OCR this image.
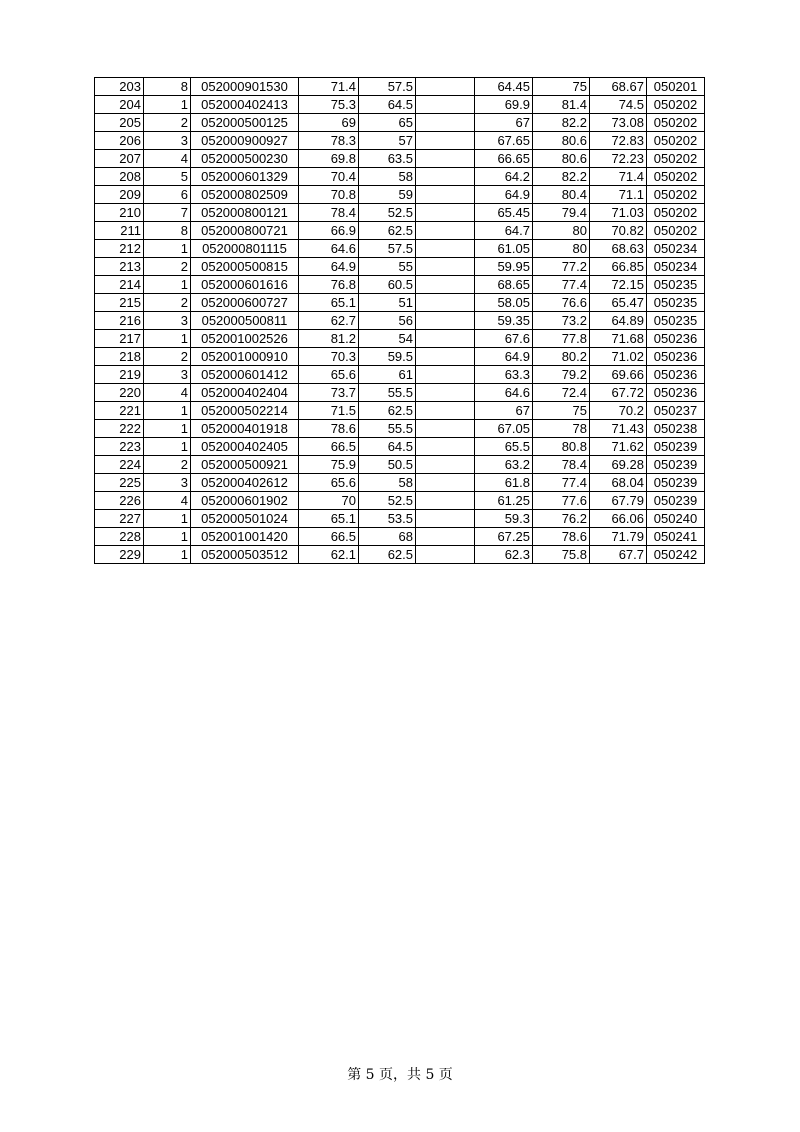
203	8	052000901530	71.4	57.5		64.45	75	68.67	050201
204	1	052000402413	75.3	64.5		69.9	81.4	74.5	050202
205	2	052000500125	69	65		67	82.2	73.08	050202
206	3	052000900927	78.3	57		67.65	80.6	72.83	050202
207	4	052000500230	69.8	63.5		66.65	80.6	72.23	050202
208	5	052000601329	70.4	58		64.2	82.2	71.4	050202
209	6	052000802509	70.8	59		64.9	80.4	71.1	050202
210	7	052000800121	78.4	52.5		65.45	79.4	71.03	050202
211	8	052000800721	66.9	62.5		64.7	80	70.82	050202
212	1	052000801115	64.6	57.5		61.05	80	68.63	050234
213	2	052000500815	64.9	55		59.95	77.2	66.85	050234
214	1	052000601616	76.8	60.5		68.65	77.4	72.15	050235
215	2	052000600727	65.1	51		58.05	76.6	65.47	050235
216	3	052000500811	62.7	56		59.35	73.2	64.89	050235
217	1	052001002526	81.2	54		67.6	77.8	71.68	050236
218	2	052001000910	70.3	59.5		64.9	80.2	71.02	050236
219	3	052000601412	65.6	61		63.3	79.2	69.66	050236
220	4	052000402404	73.7	55.5		64.6	72.4	67.72	050236
221	1	052000502214	71.5	62.5		67	75	70.2	050237
222	1	052000401918	78.6	55.5		67.05	78	71.43	050238
223	1	052000402405	66.5	64.5		65.5	80.8	71.62	050239
224	2	052000500921	75.9	50.5		63.2	78.4	69.28	050239
225	3	052000402612	65.6	58		61.8	77.4	68.04	050239
226	4	052000601902	70	52.5		61.25	77.6	67.79	050239
227	1	052000501024	65.1	53.5		59.3	76.2	66.06	050240
228	1	052001001420	66.5	68		67.25	78.6	71.79	050241
229	1	052000503512	62.1	62.5		62.3	75.8	67.7	050242
第 5 页，共 5 页
